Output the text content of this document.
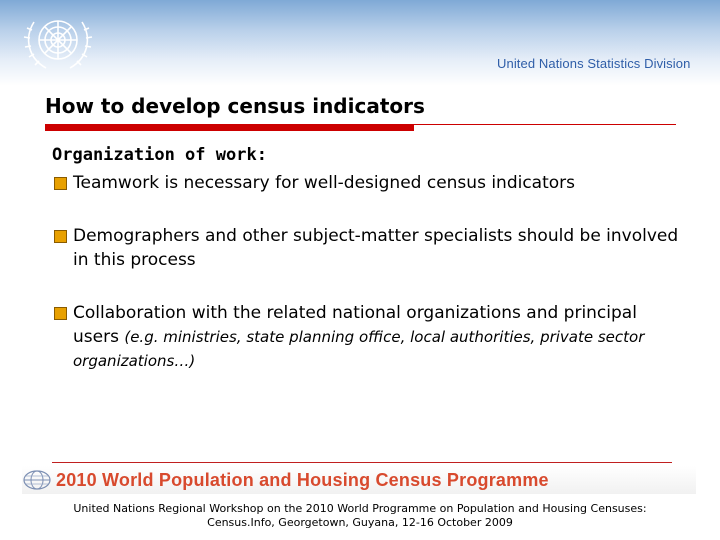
United Nations Statistics Division
How to develop census indicators
Organization of work:
Teamwork is necessary for well-designed census indicators
Demographers and other subject-matter specialists should be involved in this process
Collaboration with the related national organizations and principal users (e.g. ministries, state planning office, local authorities, private sector organizations…)
2010 World Population and Housing Census Programme
United Nations Regional Workshop on the 2010 World Programme on Population and Housing Censuses:
Census.Info, Georgetown, Guyana, 12-16 October 2009
